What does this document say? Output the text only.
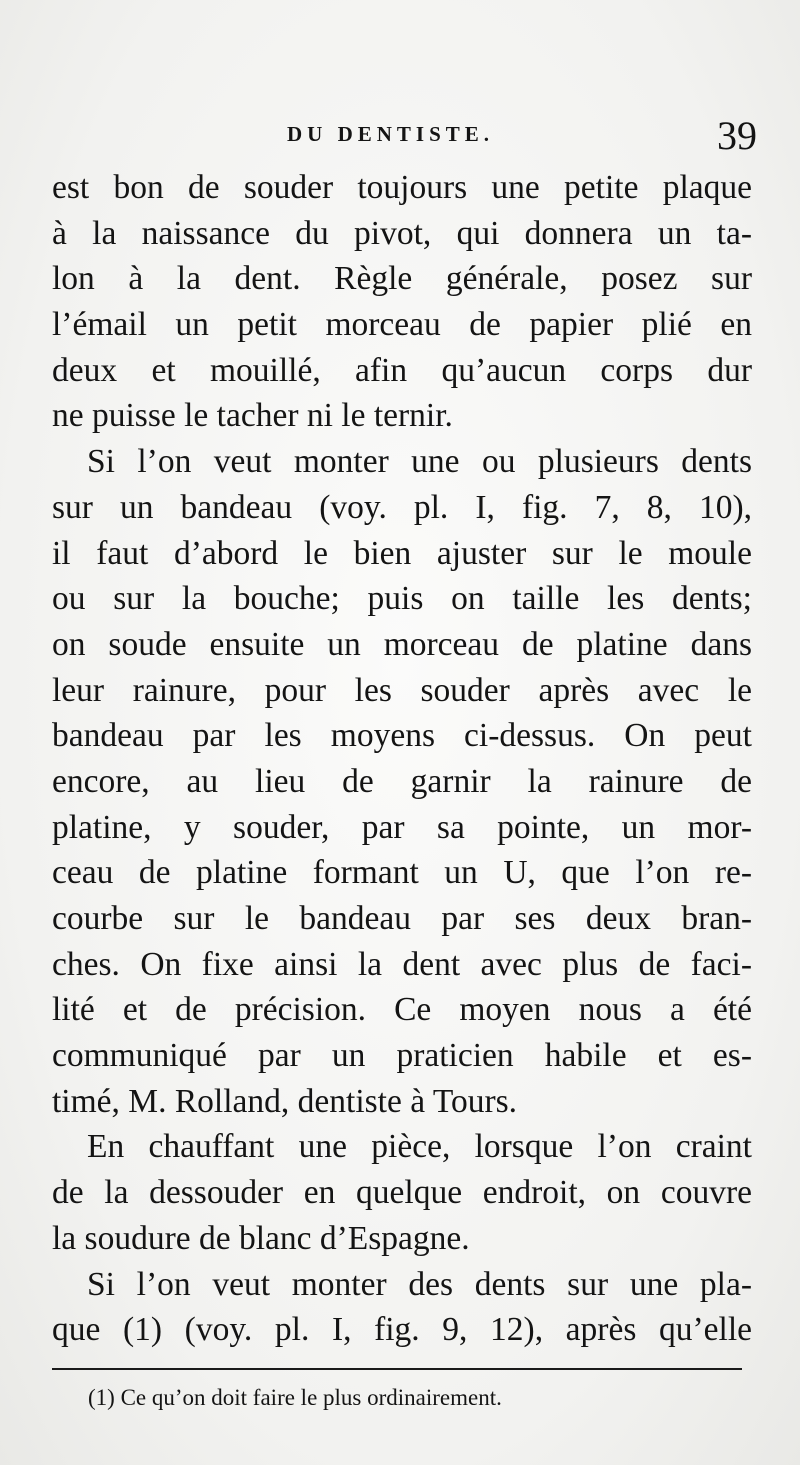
DU DENTISTE.	39
est bon de souder toujours une petite plaque
à la naissance du pivot, qui donnera un ta-
lon à la dent. Règle générale, posez sur
l’émail un petit morceau de papier plié en
deux et mouillé, afin qu’aucun corps dur
ne puisse le tacher ni le ternir.
Si l’on veut monter une ou plusieurs dents
sur un bandeau (voy. pl. I, fig. 7, 8, 10),
il faut d’abord le bien ajuster sur le moule
ou sur la bouche; puis on taille les dents;
on soude ensuite un morceau de platine dans
leur rainure, pour les souder après avec le
bandeau par les moyens ci-dessus. On peut
encore, au lieu de garnir la rainure de
platine, y souder, par sa pointe, un mor-
ceau de platine formant un U, que l’on re-
courbe sur le bandeau par ses deux bran-
ches. On fixe ainsi la dent avec plus de faci-
lité et de précision. Ce moyen nous a été
communiqué par un praticien habile et es-
timé, M. Rolland, dentiste à Tours.
En chauffant une pièce, lorsque l’on craint
de la dessouder en quelque endroit, on couvre
la soudure de blanc d’Espagne.
Si l’on veut monter des dents sur une pla-
que (1) (voy. pl. I, fig. 9, 12), après qu’elle
(1) Ce qu’on doit faire le plus ordinairement.
